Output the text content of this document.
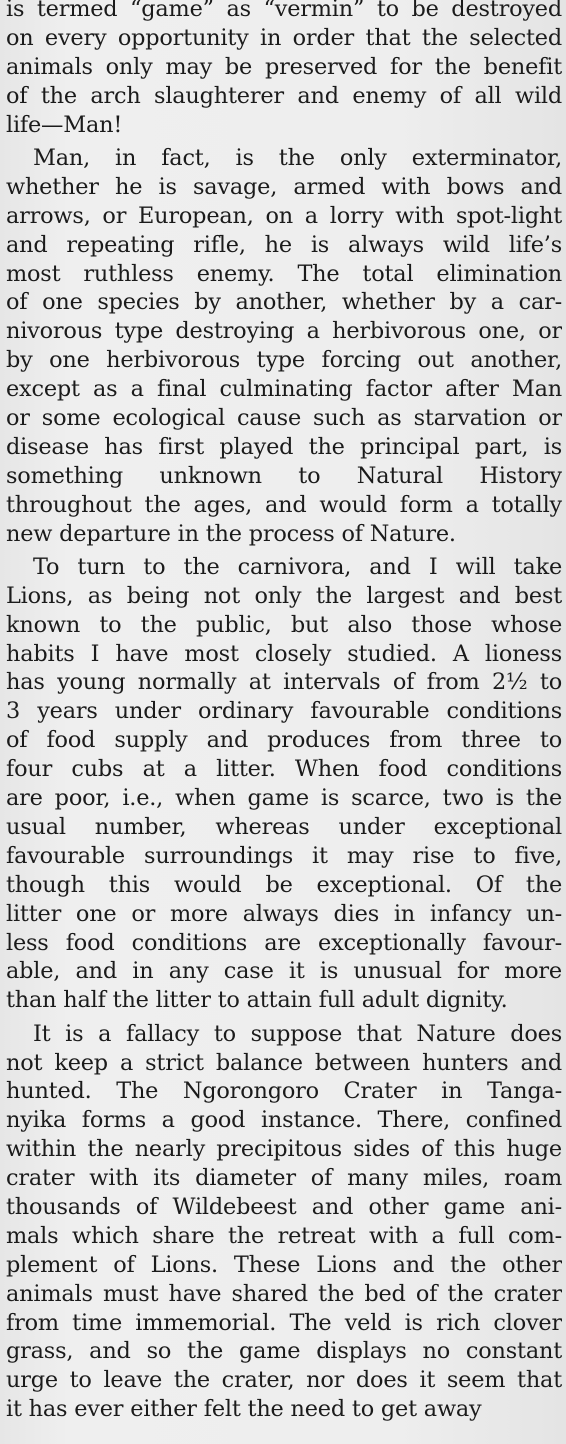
is termed “game” as “vermin” to be destroyed
on every opportunity in order that the selected
animals only may be preserved for the benefit
of the arch slaughterer and enemy of all wild
life—Man!
Man, in fact, is the only exterminator,
whether he is savage, armed with bows and
arrows, or European, on a lorry with spot-light
and repeating rifle, he is always wild life’s
most ruthless enemy. The total elimination
of one species by another, whether by a car-
nivorous type destroying a herbivorous one, or
by one herbivorous type forcing out another,
except as a final culminating factor after Man
or some ecological cause such as starvation or
disease has first played the principal part, is
something unknown to Natural History
throughout the ages, and would form a totally
new departure in the process of Nature.
To turn to the carnivora, and I will take
Lions, as being not only the largest and best
known to the public, but also those whose
habits I have most closely studied. A lioness
has young normally at intervals of from 2½ to
3 years under ordinary favourable conditions
of food supply and produces from three to
four cubs at a litter. When food conditions
are poor, i.e., when game is scarce, two is the
usual number, whereas under exceptional
favourable surroundings it may rise to five,
though this would be exceptional. Of the
litter one or more always dies in infancy un-
less food conditions are exceptionally favour-
able, and in any case it is unusual for more
than half the litter to attain full adult dignity.
It is a fallacy to suppose that Nature does
not keep a strict balance between hunters and
hunted. The Ngorongoro Crater in Tanga-
nyika forms a good instance. There, confined
within the nearly precipitous sides of this huge
crater with its diameter of many miles, roam
thousands of Wildebeest and other game ani-
mals which share the retreat with a full com-
plement of Lions. These Lions and the other
animals must have shared the bed of the crater
from time immemorial. The veld is rich clover
grass, and so the game displays no constant
urge to leave the crater, nor does it seem that
it has ever either felt the need to get away
